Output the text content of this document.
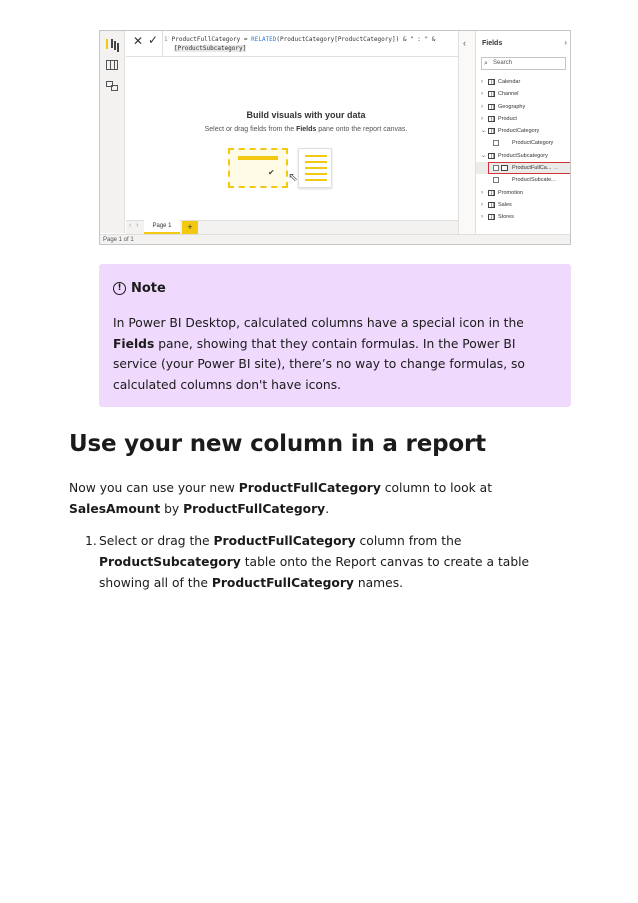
✕ ✓ 1 ProductFullCategory = RELATED(ProductCategory[ProductCategory]) & " : " &
[ProductSubcategory]
Build visuals with your data
Select or drag fields from the Fields pane onto the report canvas.
✔ ⇖
‹ ›	Page 1	+
‹ Fields	›
⌕ Search
›	Calendar
›	Channel
›	Geography
›	Product
⌄ ProductCategory
ProductCategory
⌄ ProductSubcategory
ProductFullCa... ...
ProductSubcate...
›	Promotion
›	Sales
›	Stores
Page 1 of 1
! Note
In Power BI Desktop, calculated columns have a special icon in the Fields pane, showing that they contain formulas. In the Power BI service (your Power BI site), there’s no way to change formulas, so calculated columns don't have icons.
Use your new column in a report
Now you can use your new ProductFullCategory column to look at SalesAmount by ProductFullCategory.
1. Select or drag the ProductFullCategory column from the ProductSubcategory table onto the Report canvas to create a table showing all of the ProductFullCategory names.
